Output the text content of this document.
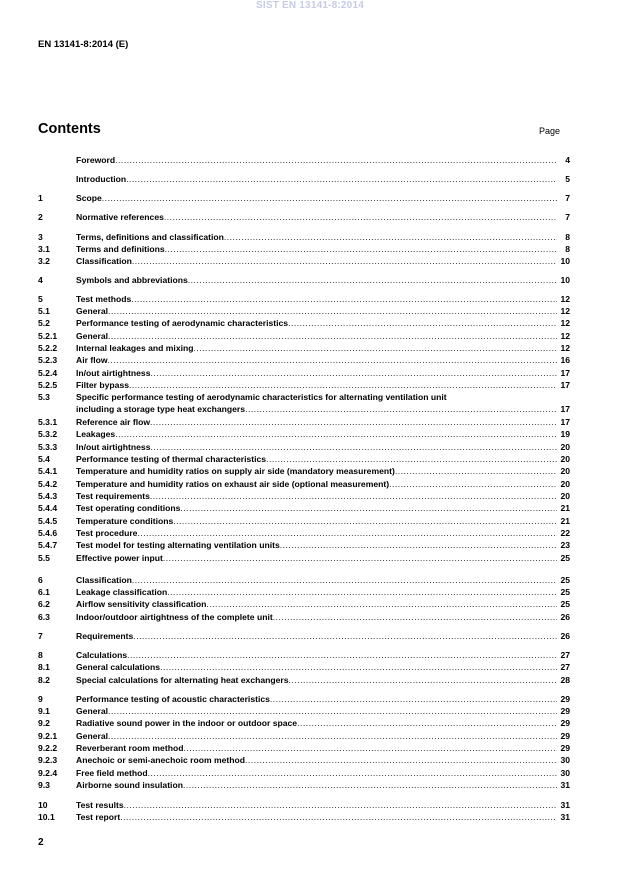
SIST EN 13141-8:2014
EN 13141-8:2014 (E)
Contents	Page
Foreword .....	4
Introduction .....	5
1	Scope .....	7
2	Normative references .....	7
3	Terms, definitions and classification .....	8
3.1	Terms and definitions .....	8
3.2	Classification .....	10
4	Symbols and abbreviations .....	10
5	Test methods .....	12
5.1	General .....	12
5.2	Performance testing of aerodynamic characteristics .....	12
5.2.1	General .....	12
5.2.2	Internal leakages and mixing .....	12
5.2.3	Air flow .....	16
5.2.4	In/out airtightness .....	17
5.2.5	Filter bypass .....	17
5.3	Specific performance testing of aerodynamic characteristics for alternating ventilation unit
including a storage type heat exchangers .....	17
5.3.1	Reference air flow .....	17
5.3.2	Leakages .....	19
5.3.3	In/out airtightness .....	20
5.4	Performance testing of thermal characteristics .....	20
5.4.1	Temperature and humidity ratios on supply air side (mandatory measurement) .....	20
5.4.2	Temperature and humidity ratios on exhaust air side (optional measurement) .....	20
5.4.3	Test requirements .....	20
5.4.4	Test operating conditions .....	21
5.4.5	Temperature conditions .....	21
5.4.6	Test procedure .....	22
5.4.7	Test model for testing alternating ventilation units .....	23
5.5	Effective power input .....	25
6	Classification .....	25
6.1	Leakage classification .....	25
6.2	Airflow sensitivity classification .....	25
6.3	Indoor/outdoor airtightness of the complete unit .....	26
7	Requirements .....	26
8	Calculations .....	27
8.1	General calculations .....	27
8.2	Special calculations for alternating heat exchangers .....	28
9	Performance testing of acoustic characteristics .....	29
9.1	General .....	29
9.2	Radiative sound power in the indoor or outdoor space .....	29
9.2.1	General .....	29
9.2.2	Reverberant room method .....	29
9.2.3	Anechoic or semi-anechoic room method .....	30
9.2.4	Free field method .....	30
9.3	Airborne sound insulation .....	31
10	Test results .....	31
10.1	Test report .....	31
2
